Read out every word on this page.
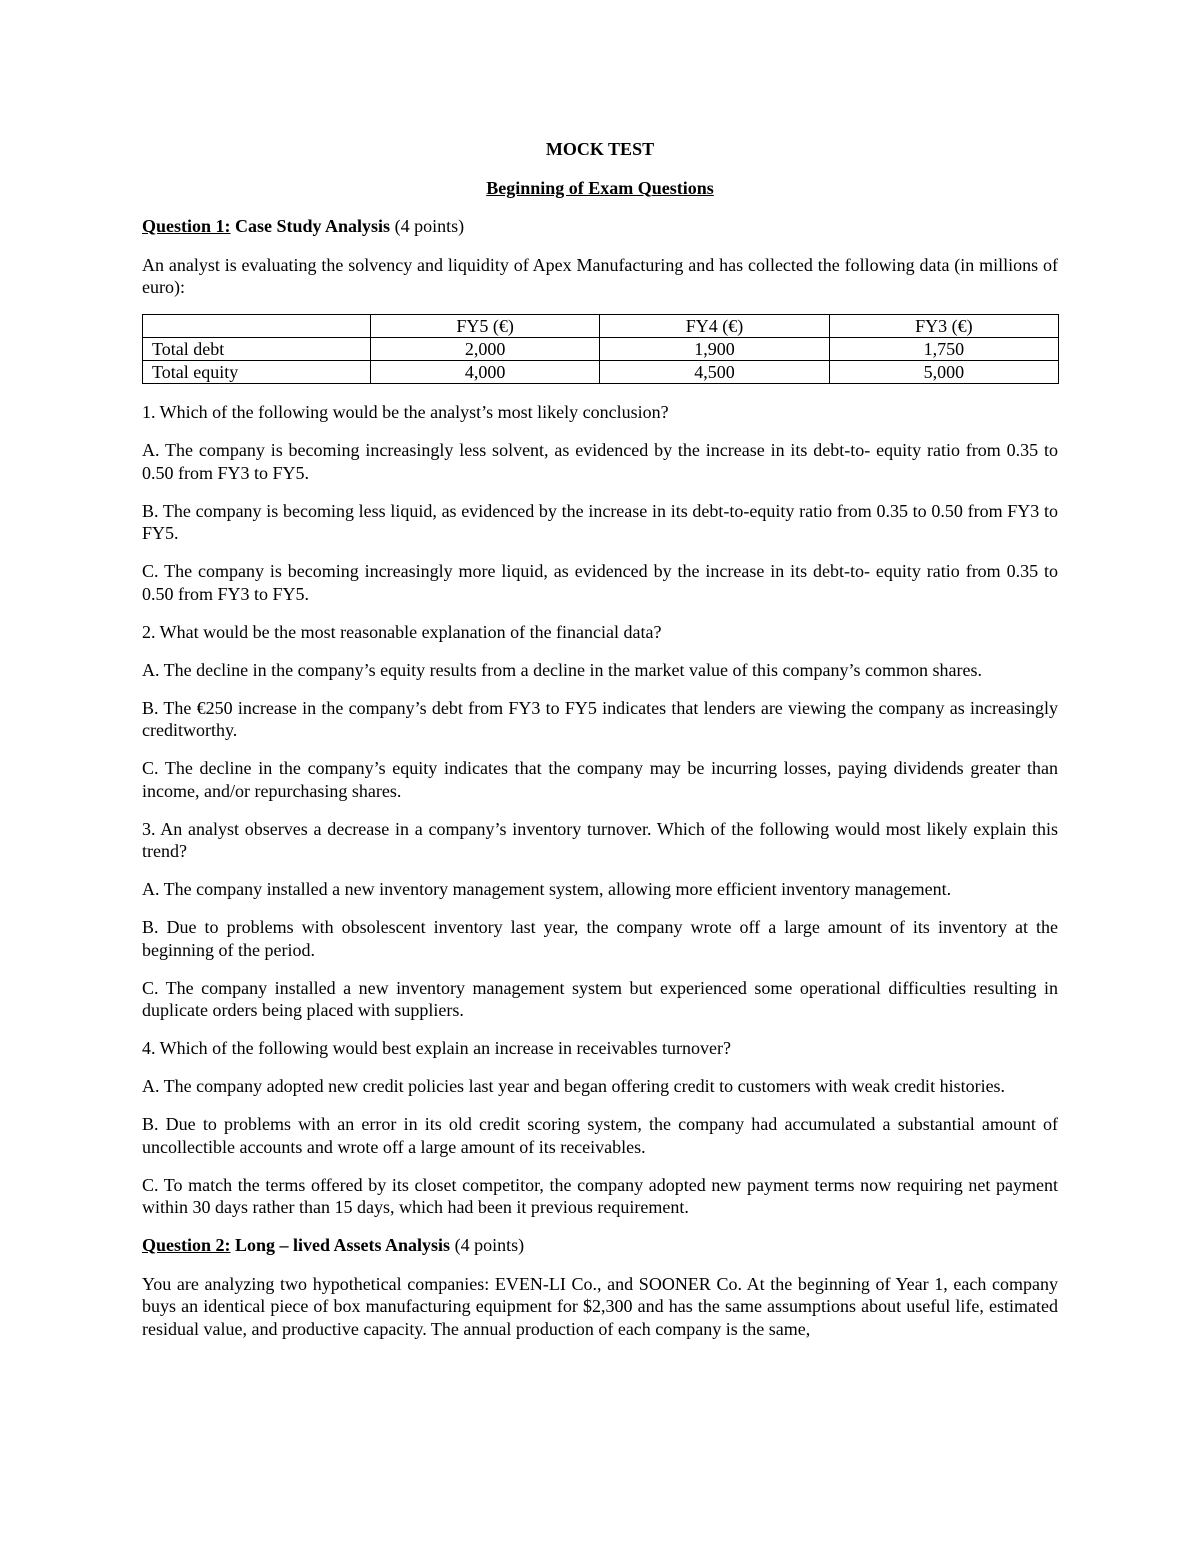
MOCK TEST
Beginning of Exam Questions
Question 1: Case Study Analysis (4 points)

An analyst is evaluating the solvency and liquidity of Apex Manufacturing and has collected the following data (in millions of euro):

	FY5 (€)	FY4 (€)	FY3 (€)
Total debt	2,000	1,900	1,750
Total equity	4,000	4,500	5,000

1. Which of the following would be the analyst’s most likely conclusion?

A. The company is becoming increasingly less solvent, as evidenced by the increase in its debt-to- equity ratio from 0.35 to 0.50 from FY3 to FY5.

B. The company is becoming less liquid, as evidenced by the increase in its debt-to-equity ratio from 0.35 to 0.50 from FY3 to FY5.

C. The company is becoming increasingly more liquid, as evidenced by the increase in its debt-to- equity ratio from 0.35 to 0.50 from FY3 to FY5.

2. What would be the most reasonable explanation of the financial data?

A. The decline in the company’s equity results from a decline in the market value of this company’s common shares.

B. The €250 increase in the company’s debt from FY3 to FY5 indicates that lenders are viewing the company as increasingly creditworthy.

C. The decline in the company’s equity indicates that the company may be incurring losses, paying dividends greater than income, and/or repurchasing shares.

3. An analyst observes a decrease in a company’s inventory turnover. Which of the following would most likely explain this trend?

A. The company installed a new inventory management system, allowing more efficient inventory management.

B. Due to problems with obsolescent inventory last year, the company wrote off a large amount of its inventory at the beginning of the period.

C. The company installed a new inventory management system but experienced some operational difficulties resulting in duplicate orders being placed with suppliers.

4. Which of the following would best explain an increase in receivables turnover?

A. The company adopted new credit policies last year and began offering credit to customers with weak credit histories.

B. Due to problems with an error in its old credit scoring system, the company had accumulated a substantial amount of uncollectible accounts and wrote off a large amount of its receivables.

C. To match the terms offered by its closet competitor, the company adopted new payment terms now requiring net payment within 30 days rather than 15 days, which had been it previous requirement.

Question 2: Long – lived Assets Analysis (4 points)

You are analyzing two hypothetical companies: EVEN-LI Co., and SOONER Co. At the beginning of Year 1, each company buys an identical piece of box manufacturing equipment for $2,300 and has the same assumptions about useful life, estimated residual value, and productive capacity. The annual production of each company is the same,
